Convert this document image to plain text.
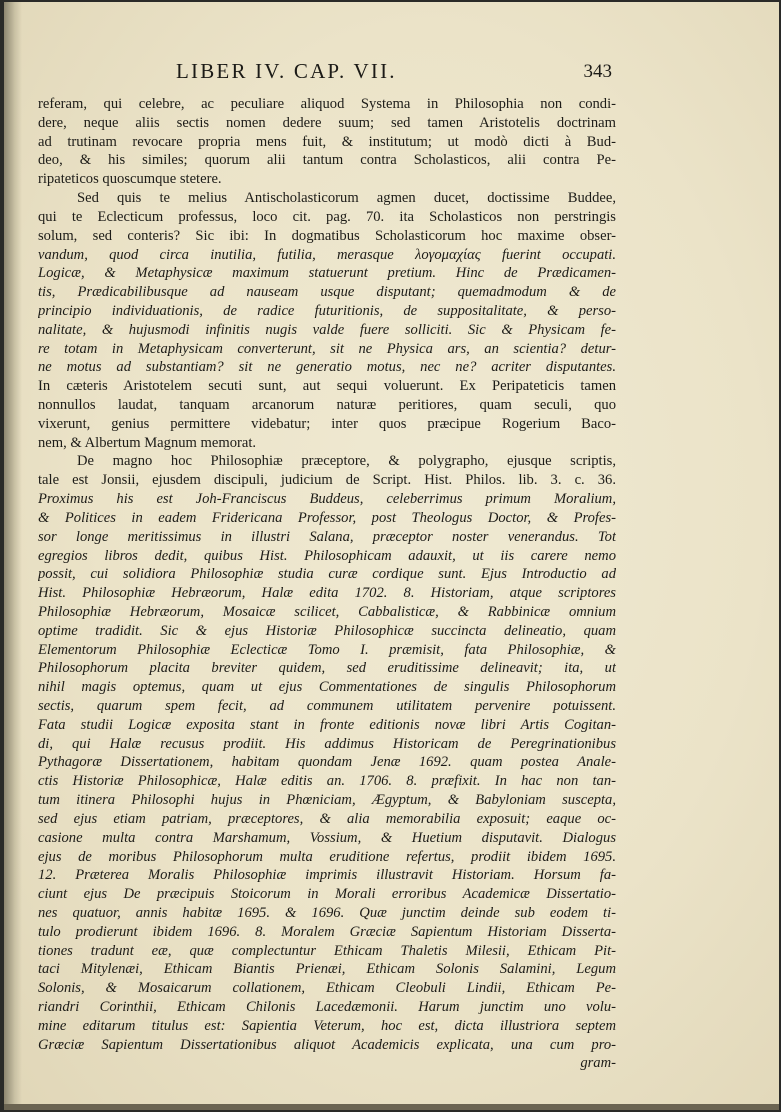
LIBER IV. CAP. VII.	343
referam, qui celebre, ac peculiare aliquod Systema in Philosophia non condi-
dere, neque aliis sectis nomen dedere suum; sed tamen Aristotelis doctrinam
ad trutinam revocare propria mens fuit, & institutum; ut modò dicti à Bud-
deo, & his similes; quorum alii tantum contra Scholasticos, alii contra Pe-
ripateticos quoscumque stetere.
Sed quis te melius Antischolasticorum agmen ducet, doctissime Buddee,
qui te Eclecticum professus, loco cit. pag. 70. ita Scholasticos non perstringis
solum, sed conteris? Sic ibi: In dogmatibus Scholasticorum hoc maxime obser-
vandum, quod circa inutilia, futilia, merasque λογομαχίας fuerint occupati.
Logicæ, & Metaphysicæ maximum statuerunt pretium. Hinc de Prædicamen-
tis, Prædicabilibusque ad nauseam usque disputant; quemadmodum & de
principio individuationis, de radice futuritionis, de suppositalitate, & perso-
nalitate, & hujusmodi infinitis nugis valde fuere solliciti. Sic & Physicam fe-
re totam in Metaphysicam converterunt, sit ne Physica ars, an scientia? detur-
ne motus ad substantiam? sit ne generatio motus, nec ne? acriter disputantes.
In cæteris Aristotelem secuti sunt, aut sequi voluerunt. Ex Peripateticis tamen
nonnullos laudat, tanquam arcanorum naturæ peritiores, quam seculi, quo
vixerunt, genius permittere videbatur; inter quos præcipue Rogerium Baco-
nem, & Albertum Magnum memorat.
De magno hoc Philosophiæ præceptore, & polygrapho, ejusque scriptis,
tale est Jonsii, ejusdem discipuli, judicium de Script. Hist. Philos. lib. 3. c. 36.
Proximus his est Joh-Franciscus Buddeus, celeberrimus primum Moralium,
& Politices in eadem Fridericana Professor, post Theologus Doctor, & Profes-
sor longe meritissimus in illustri Salana, præceptor noster venerandus. Tot
egregios libros dedit, quibus Hist. Philosophicam adauxit, ut iis carere nemo
possit, cui solidiora Philosophiæ studia curæ cordique sunt. Ejus Introductio ad
Hist. Philosophiæ Hebræorum, Halæ edita 1702. 8. Historiam, atque scriptores
Philosophiæ Hebræorum, Mosaicæ scilicet, Cabbalisticæ, & Rabbinicæ omnium
optime tradidit. Sic & ejus Historiæ Philosophicæ succincta delineatio, quam
Elementorum Philosophiæ Eclecticæ Tomo I. præmisit, fata Philosophiæ, &
Philosophorum placita breviter quidem, sed eruditissime delineavit; ita, ut
nihil magis optemus, quam ut ejus Commentationes de singulis Philosophorum
sectis, quarum spem fecit, ad communem utilitatem pervenire potuissent.
Fata studii Logicæ exposita stant in fronte editionis novæ libri Artis Cogitan-
di, qui Halæ recusus prodiit. His addimus Historicam de Peregrinationibus
Pythagoræ Dissertationem, habitam quondam Jenæ 1692. quam postea Anale-
ctis Historiæ Philosophicæ, Halæ editis an. 1706. 8. præfixit. In hac non tan-
tum itinera Philosophi hujus in Phœniciam, Ægyptum, & Babyloniam suscepta,
sed ejus etiam patriam, præceptores, & alia memorabilia exposuit; eaque oc-
casione multa contra Marshamum, Vossium, & Huetium disputavit. Dialogus
ejus de moribus Philosophorum multa eruditione refertus, prodiit ibidem 1695.
12. Præterea Moralis Philosophiæ imprimis illustravit Historiam. Horsum fa-
ciunt ejus De præcipuis Stoicorum in Morali erroribus Academicæ Dissertatio-
nes quatuor, annis habitæ 1695. & 1696. Quæ junctim deinde sub eodem ti-
tulo prodierunt ibidem 1696. 8. Moralem Græciæ Sapientum Historiam Disserta-
tiones tradunt eæ, quæ complectuntur Ethicam Thaletis Milesii, Ethicam Pit-
taci Mitylenæi, Ethicam Biantis Prienæi, Ethicam Solonis Salamini, Legum
Solonis, & Mosaicarum collationem, Ethicam Cleobuli Lindii, Ethicam Pe-
riandri Corinthii, Ethicam Chilonis Lacedæmonii. Harum junctim uno volu-
mine editarum titulus est: Sapientia Veterum, hoc est, dicta illustriora septem
Græciæ Sapientum Dissertationibus aliquot Academicis explicata, una cum pro-
gram-
